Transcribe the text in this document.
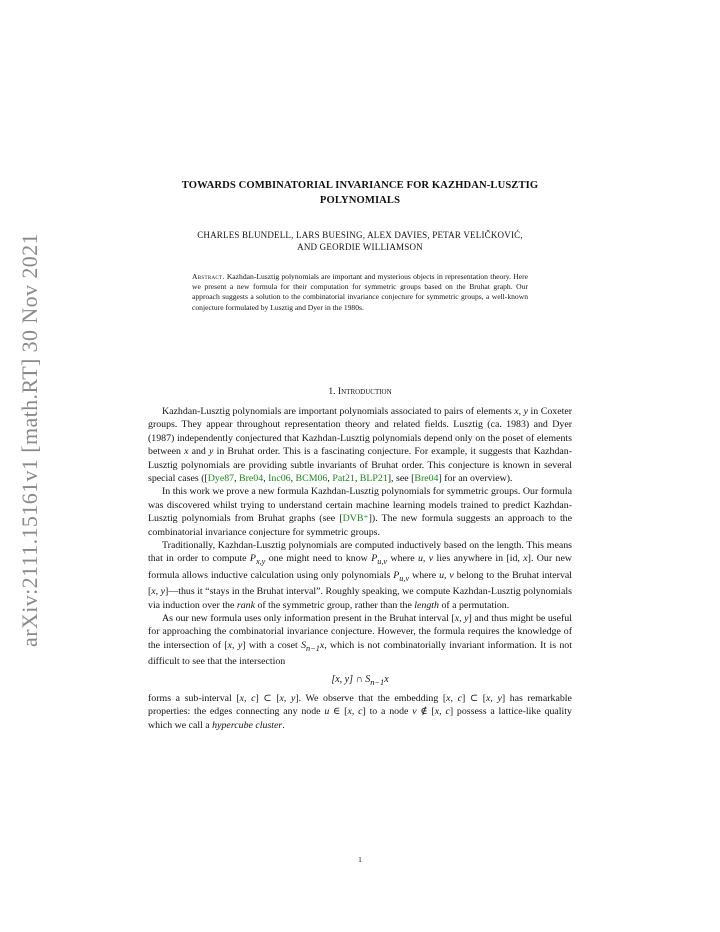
arXiv:2111.15161v1 [math.RT] 30 Nov 2021
TOWARDS COMBINATORIAL INVARIANCE FOR KAZHDAN-LUSZTIG
POLYNOMIALS
CHARLES BLUNDELL, LARS BUESING, ALEX DAVIES, PETAR VELIČKOVIĆ,
AND GEORDIE WILLIAMSON
Abstract. Kazhdan-Lusztig polynomials are important and mysterious objects in representation theory. Here we present a new formula for their computation for symmetric groups based on the Bruhat graph. Our approach suggests a solution to the combinatorial invariance conjecture for symmetric groups, a well-known conjecture formulated by Lusztig and Dyer in the 1980s.
1. Introduction

Kazhdan-Lusztig polynomials are important polynomials associated to pairs of elements x, y in Coxeter groups. They appear throughout representation theory and related fields. Lusztig (ca. 1983) and Dyer (1987) independently conjectured that Kazhdan-Lusztig polynomials depend only on the poset of elements between x and y in Bruhat order. This is a fascinating conjecture. For example, it suggests that Kazhdan-Lusztig polynomials are providing subtle invariants of Bruhat order. This conjecture is known in several special cases ([Dye87, Bre04, Inc06, BCM06, Pat21, BLP21], see [Bre04] for an overview).

In this work we prove a new formula Kazhdan-Lusztig polynomials for symmetric groups. Our formula was discovered whilst trying to understand certain machine learning models trained to predict Kazhdan-Lusztig polynomials from Bruhat graphs (see [DVB⁺]). The new formula suggests an approach to the combinatorial invariance conjecture for symmetric groups.

Traditionally, Kazhdan-Lusztig polynomials are computed inductively based on the length. This means that in order to compute $P_{x,y}$ one might need to know $P_{u,v}$ where u, v lies anywhere in [id, x]. Our new formula allows inductive calculation using only polynomials $P_{u,v}$ where u, v belong to the Bruhat interval [x, y]—thus it “stays in the Bruhat interval”. Roughly speaking, we compute Kazhdan-Lusztig polynomials via induction over the rank of the symmetric group, rather than the length of a permutation.

As our new formula uses only information present in the Bruhat interval [x, y] and thus might be useful for approaching the combinatorial invariance conjecture. However, the formula requires the knowledge of the intersection of [x, y] with a coset $S_{n-1}x$, which is not combinatorially invariant information. It is not difficult to see that the intersection

[x, y] ∩ $S_{n-1}x$

forms a sub-interval [x, c] ⊂ [x, y]. We observe that the embedding [x, c] ⊂ [x, y] has remarkable properties: the edges connecting any node u ∈ [x, c] to a node v ∉ [x, c] possess a lattice-like quality which we call a hypercube cluster.

1
